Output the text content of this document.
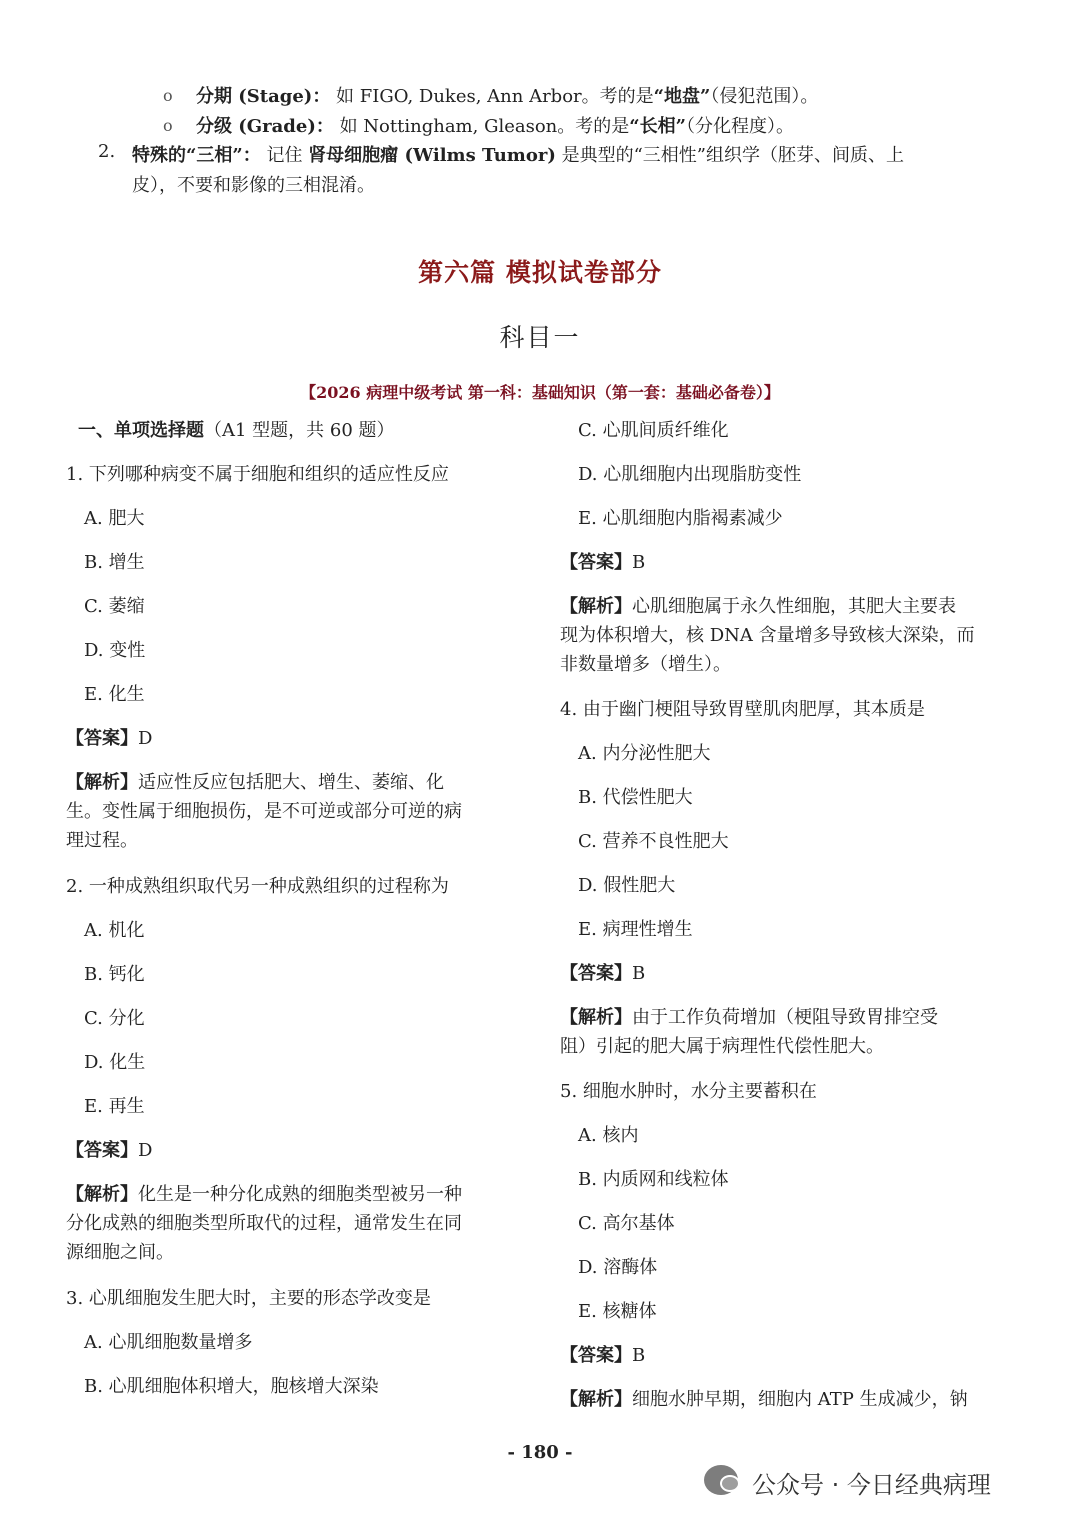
o 分期 (Stage)： 如 FIGO, Dukes, Ann Arbor。考的是“地盘”（侵犯范围）。
o 分级 (Grade)： 如 Nottingham, Gleason。考的是“长相”（分化程度）。
2. 特殊的“三相”： 记住 肾母细胞瘤 (Wilms Tumor) 是典型的“三相性”组织学（胚芽、间质、上
皮），不要和影像的三相混淆。
第六篇 模拟试卷部分
科目一
【2026 病理中级考试 第一科：基础知识（第一套：基础必备卷）】
一、单项选择题（A1 型题，共 60 题）
1. 下列哪种病变不属于细胞和组织的适应性反应
A. 肥大
B. 增生
C. 萎缩
D. 变性
E. 化生
【答案】D
【解析】适应性反应包括肥大、增生、萎缩、化
生。变性属于细胞损伤，是不可逆或部分可逆的病
理过程。
2. 一种成熟组织取代另一种成熟组织的过程称为
A. 机化
B. 钙化
C. 分化
D. 化生
E. 再生
【答案】D
【解析】化生是一种分化成熟的细胞类型被另一种
分化成熟的细胞类型所取代的过程，通常发生在同
源细胞之间。
3. 心肌细胞发生肥大时，主要的形态学改变是
A. 心肌细胞数量增多
B. 心肌细胞体积增大，胞核增大深染
C. 心肌间质纤维化
D. 心肌细胞内出现脂肪变性
E. 心肌细胞内脂褐素减少
【答案】B
【解析】心肌细胞属于永久性细胞，其肥大主要表
现为体积增大，核 DNA 含量增多导致核大深染，而
非数量增多（增生）。
4. 由于幽门梗阻导致胃壁肌肉肥厚，其本质是
A. 内分泌性肥大
B. 代偿性肥大
C. 营养不良性肥大
D. 假性肥大
E. 病理性增生
【答案】B
【解析】由于工作负荷增加（梗阻导致胃排空受
阻）引起的肥大属于病理性代偿性肥大。
5. 细胞水肿时，水分主要蓄积在
A. 核内
B. 内质网和线粒体
C. 高尔基体
D. 溶酶体
E. 核糖体
【答案】B
【解析】细胞水肿早期，细胞内 ATP 生成减少，钠
- 180 -
公众号 · 今日经典病理
